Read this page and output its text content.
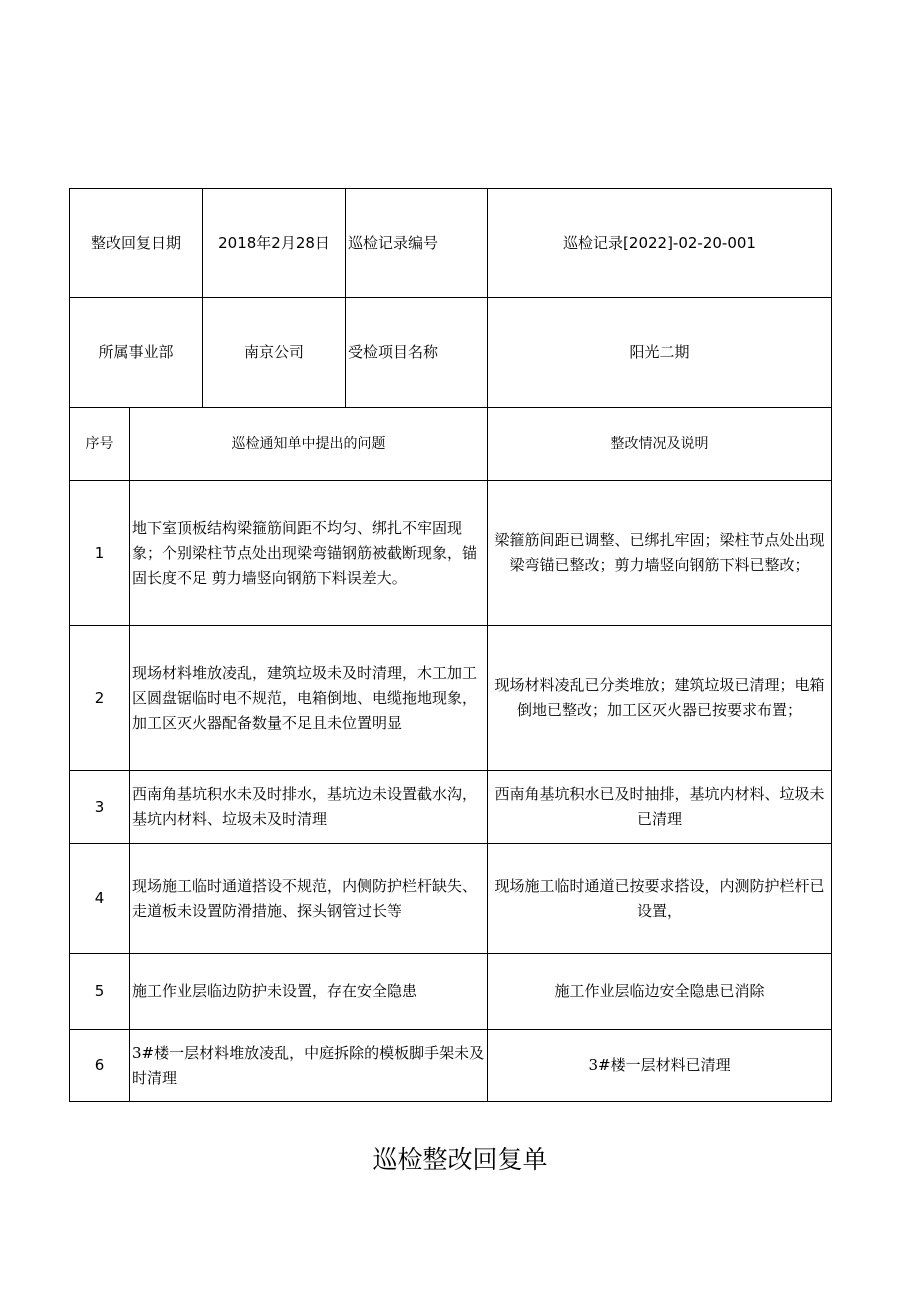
整改回复日期		2018年2月28日	巡检记录编号	巡检记录[2022]-02-20-001
所属事业部		南京公司	受检项目名称	阳光二期
序号	巡检通知单中提出的问题			整改情况及说明
1	地下室顶板结构梁箍筋间距不均匀、绑扎不牢固现象；个别梁柱节点处出现梁弯锚钢筋被截断现象，锚固长度不足 剪力墙竖向钢筋下料误差大。			梁箍筋间距已调整、已绑扎牢固；梁柱节点处出现梁弯锚已整改；剪力墙竖向钢筋下料已整改；
2	现场材料堆放凌乱，建筑垃圾未及时清理，木工加工区圆盘锯临时电不规范，电箱倒地、电缆拖地现象，加工区灭火器配备数量不足且未位置明显			现场材料凌乱已分类堆放；建筑垃圾已清理；电箱倒地已整改；加工区灭火器已按要求布置；
3	西南角基坑积水未及时排水，基坑边未设置截水沟，基坑内材料、垃圾未及时清理			西南角基坑积水已及时抽排，基坑内材料、垃圾未已清理
4	现场施工临时通道搭设不规范，内侧防护栏杆缺失、走道板未设置防滑措施、探头钢管过长等			现场施工临时通道已按要求搭设，内测防护栏杆已设置，
5	施工作业层临边防护未设置，存在安全隐患			施工作业层临边安全隐患已消除
6	3#楼一层材料堆放凌乱，中庭拆除的模板脚手架未及时清理			3#楼一层材料已清理
巡检整改回复单
